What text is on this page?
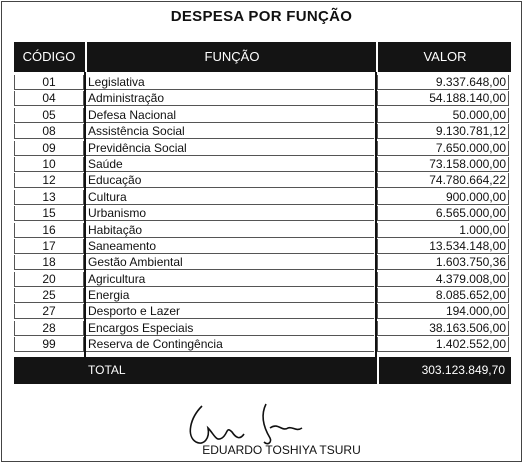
DESPESA POR FUNÇÃO
CÓDIGO	FUNÇÃO	VALOR
01	Legislativa	9.337.648,00
04	Administração	54.188.140,00
05	Defesa Nacional	50.000,00
08	Assistência Social	9.130.781,12
09	Previdência Social	7.650.000,00
10	Saúde	73.158.000,00
12	Educação	74.780.664,22
13	Cultura	900.000,00
15	Urbanismo	6.565.000,00
16	Habitação	1.000,00
17	Saneamento	13.534.148,00
18	Gestão Ambiental	1.603.750,36
20	Agricultura	4.379.008,00
25	Energia	8.085.652,00
27	Desporto e Lazer	194.000,00
28	Encargos Especiais	38.163.506,00
99	Reserva de Contingência	1.402.552,00
TOTAL	303.123.849,70
EDUARDO TOSHIYA TSURU
